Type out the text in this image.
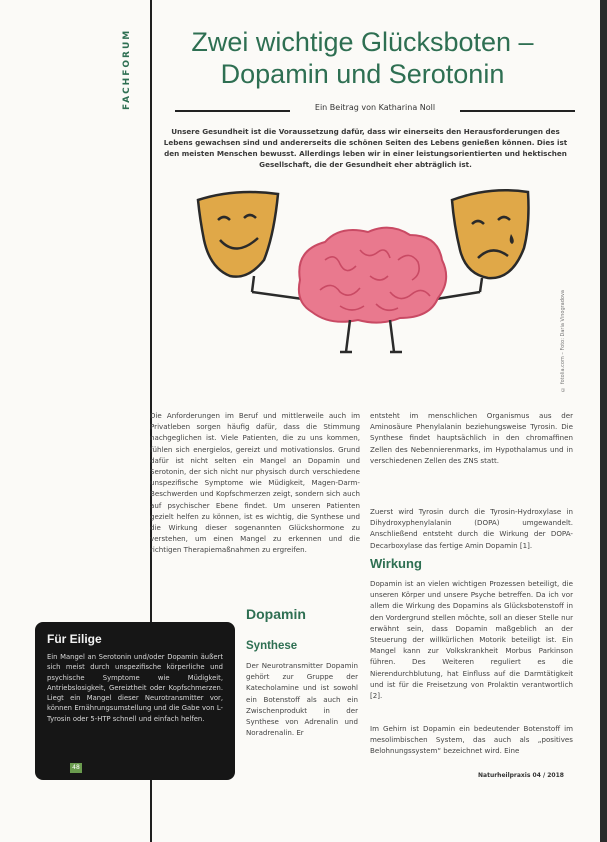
FACHFORUM	Zwei wichtige Glücksboten – Dopamin und Serotonin
Ein Beitrag von Katharina Noll

Unsere Gesundheit ist die Voraussetzung dafür, dass wir einerseits den Herausforderungen des Lebens gewachsen sind und andererseits die schönen Seiten des Lebens genießen können. Dies ist den meisten Menschen bewusst. Allerdings leben wir in einer leistungsorientierten und hektischen Gesellschaft, die der Gesundheit eher abträglich ist.

© fotolia.com – Foto: Daria Vinogradova

Die Anforderungen im Beruf und mittlerweile auch im Privatleben sorgen häufig dafür, dass die Stimmung nachgeglichen ist. Viele Patienten, die zu uns kommen, fühlen sich energielos, gereizt und motivationslos. Grund dafür ist nicht selten ein Mangel an Dopamin und Serotonin, der sich nicht nur physisch durch verschiedene unspezifische Symptome wie Müdigkeit, Magen-Darm-Beschwerden und Kopfschmerzen zeigt, sondern sich auch auf psychischer Ebene findet. Um unseren Patienten gezielt helfen zu können, ist es wichtig, die Synthese und die Wirkung dieser sogenannten Glückshormone zu verstehen, um einen Mangel zu erkennen und die richtigen Therapiemaßnahmen zu ergreifen.

entsteht im menschlichen Organismus aus der Aminosäure Phenylalanin beziehungsweise Tyrosin. Die Synthese findet hauptsächlich in den chromaffinen Zellen des Nebennierenmarks, im Hypothalamus und in verschiedenen Zellen des ZNS statt.

Zuerst wird Tyrosin durch die Tyrosin-Hydroxylase in Dihydroxyphenylalanin (DOPA) umgewandelt. Anschließend entsteht durch die Wirkung der DOPA-Decarboxylase das fertige Amin Dopamin [1].

Wirkung

Dopamin ist an vielen wichtigen Prozessen beteiligt, die unseren Körper und unsere Psyche betreffen. Da ich vor allem die Wirkung des Dopamins als Glücksbotenstoff in den Vordergrund stellen möchte, soll an dieser Stelle nur erwähnt sein, dass Dopamin maßgeblich an der Steuerung der willkürlichen Motorik beteiligt ist. Ein Mangel kann zur Volkskrankheit Morbus Parkinson führen. Des Weiteren reguliert es die Nierendurchblutung, hat Einfluss auf die Darmtätigkeit und ist für die Freisetzung von Prolaktin verantwortlich [2].

Im Gehirn ist Dopamin ein bedeutender Botenstoff im mesolimbischen System, das auch als „positives Belohnungssystem“ bezeichnet wird. Eine

Dopamin
Synthese

Der Neurotransmitter Dopamin gehört zur Gruppe der Katecholamine und ist sowohl ein Botenstoff als auch ein Zwischenprodukt in der Synthese von Adrenalin und Noradrenalin. Er

Für Eilige

Ein Mangel an Serotonin und/oder Dopamin äußert sich meist durch unspezifische körperliche und psychische Symptome wie Müdigkeit, Antriebslosigkeit, Gereiztheit oder Kopfschmerzen. Liegt ein Mangel dieser Neurotransmitter vor, können Ernährungsumstellung und die Gabe von L-Tyrosin oder 5-HTP schnell und einfach helfen.

48
Naturheilpraxis 04 / 2018
